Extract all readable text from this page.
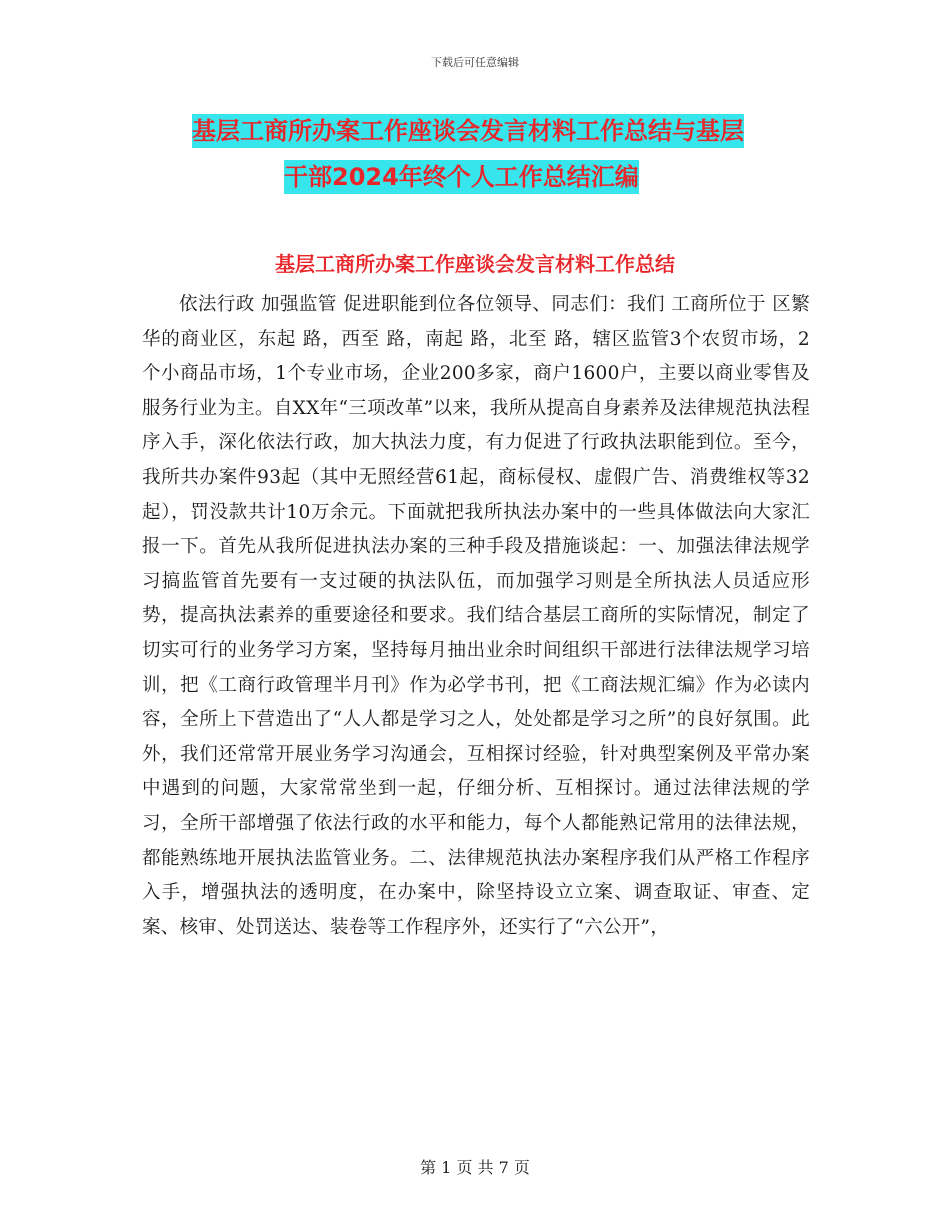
下载后可任意编辑
基层工商所办案工作座谈会发言材料工作总结与基层
干部2024年终个人工作总结汇编
基层工商所办案工作座谈会发言材料工作总结

依法行政 加强监管 促进职能到位各位领导、同志们：我们 工商所位于 区繁华的商业区，东起 路，西至 路，南起 路，北至 路，辖区监管3个农贸市场，2个小商品市场，1个专业市场，企业200多家，商户1600户，主要以商业零售及服务行业为主。自XX年“三项改革”以来，我所从提高自身素养及法律规范执法程序入手，深化依法行政，加大执法力度，有力促进了行政执法职能到位。至今，我所共办案件93起（其中无照经营61起，商标侵权、虚假广告、消费维权等32起），罚没款共计10万余元。下面就把我所执法办案中的一些具体做法向大家汇报一下。首先从我所促进执法办案的三种手段及措施谈起：一、加强法律法规学习搞监管首先要有一支过硬的执法队伍，而加强学习则是全所执法人员适应形势，提高执法素养的重要途径和要求。我们结合基层工商所的实际情况，制定了切实可行的业务学习方案，坚持每月抽出业余时间组织干部进行法律法规学习培训，把《工商行政管理半月刊》作为必学书刊，把《工商法规汇编》作为必读内容，全所上下营造出了“人人都是学习之人，处处都是学习之所”的良好氛围。此外，我们还常常开展业务学习沟通会，互相探讨经验，针对典型案例及平常办案中遇到的问题，大家常常坐到一起，仔细分析、互相探讨。通过法律法规的学习，全所干部增强了依法行政的水平和能力，每个人都能熟记常用的法律法规，都能熟练地开展执法监管业务。二、法律规范执法办案程序我们从严格工作程序入手，增强执法的透明度，在办案中，除坚持设立立案、调查取证、审查、定案、核审、处罚送达、装卷等工作程序外，还实行了“六公开”，

第 1 页 共 7 页
